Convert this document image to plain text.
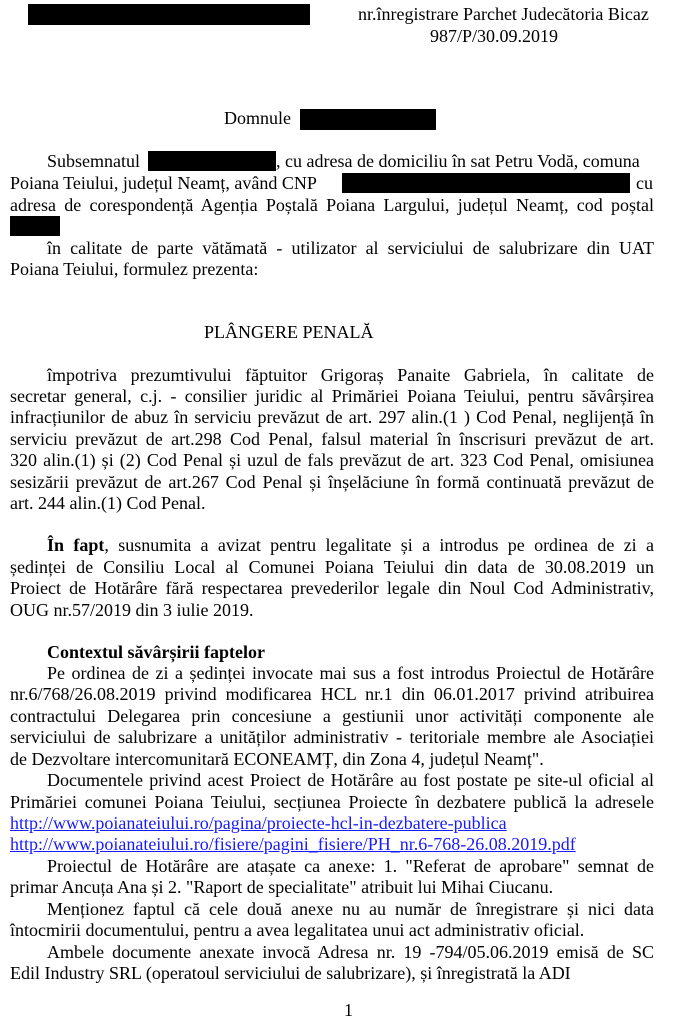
nr.înregistrare Parchet Judecătoria Bicaz
987/P/30.09.2019
Domnule
Subsemnatul	, cu adresa de domiciliu în sat Petru Vodă, comuna
Poiana Teiului, județul Neamț, având CNP	cu
adresa de corespondență Agenția Poștală Poiana Largului, județul Neamț, cod poștal
în calitate de parte vătămată - utilizator al serviciului de salubrizare din UAT
Poiana Teiului, formulez prezenta:
PLÂNGERE PENALĂ
împotriva prezumtivului făptuitor Grigoraș Panaite Gabriela, în calitate de
secretar general, c.j. - consilier juridic al Primăriei Poiana Teiului, pentru săvârșirea
infracțiunilor de abuz în serviciu prevăzut de art. 297 alin.(1 ) Cod Penal, neglijență în
serviciu prevăzut de art.298 Cod Penal, falsul material în înscrisuri prevăzut de art.
320 alin.(1) și (2) Cod Penal și uzul de fals prevăzut de art. 323 Cod Penal, omisiunea
sesizării prevăzut de art.267 Cod Penal și înșelăciune în formă continuată prevăzut de
art. 244 alin.(1) Cod Penal.
În fapt, susnumita a avizat pentru legalitate și a introdus pe ordinea de zi a
ședinței de Consiliu Local al Comunei Poiana Teiului din data de 30.08.2019 un
Proiect de Hotărâre fără respectarea prevederilor legale din Noul Cod Administrativ,
OUG nr.57/2019 din 3 iulie 2019.
Contextul săvârșirii faptelor
Pe ordinea de zi a ședinței invocate mai sus a fost introdus Proiectul de Hotărâre
nr.6/768/26.08.2019 privind modificarea HCL nr.1 din 06.01.2017 privind atribuirea
contractului Delegarea prin concesiune a gestiunii unor activități componente ale
serviciului de salubrizare a unităților administrativ - teritoriale membre ale Asociației
de Dezvoltare intercomunitară ECONEAMȚ, din Zona 4, județul Neamț".
Documentele privind acest Proiect de Hotărâre au fost postate pe site-ul oficial al
Primăriei comunei Poiana Teiului, secțiunea Proiecte în dezbatere publică la adresele
http://www.poianateiului.ro/pagina/proiecte-hcl-in-dezbatere-publica
http://www.poianateiului.ro/fisiere/pagini_fisiere/PH_nr.6-768-26.08.2019.pdf
Proiectul de Hotărâre are atașate ca anexe: 1. "Referat de aprobare" semnat de
primar Ancuța Ana și 2. "Raport de specialitate" atribuit lui Mihai Ciucanu.
Menționez faptul că cele două anexe nu au număr de înregistrare și nici data
întocmirii documentului, pentru a avea legalitatea unui act administrativ oficial.
Ambele documente anexate invocă Adresa nr. 19 -794/05.06.2019 emisă de SC
Edil Industry SRL (operatoul serviciului de salubrizare), și înregistrată la ADI
1
